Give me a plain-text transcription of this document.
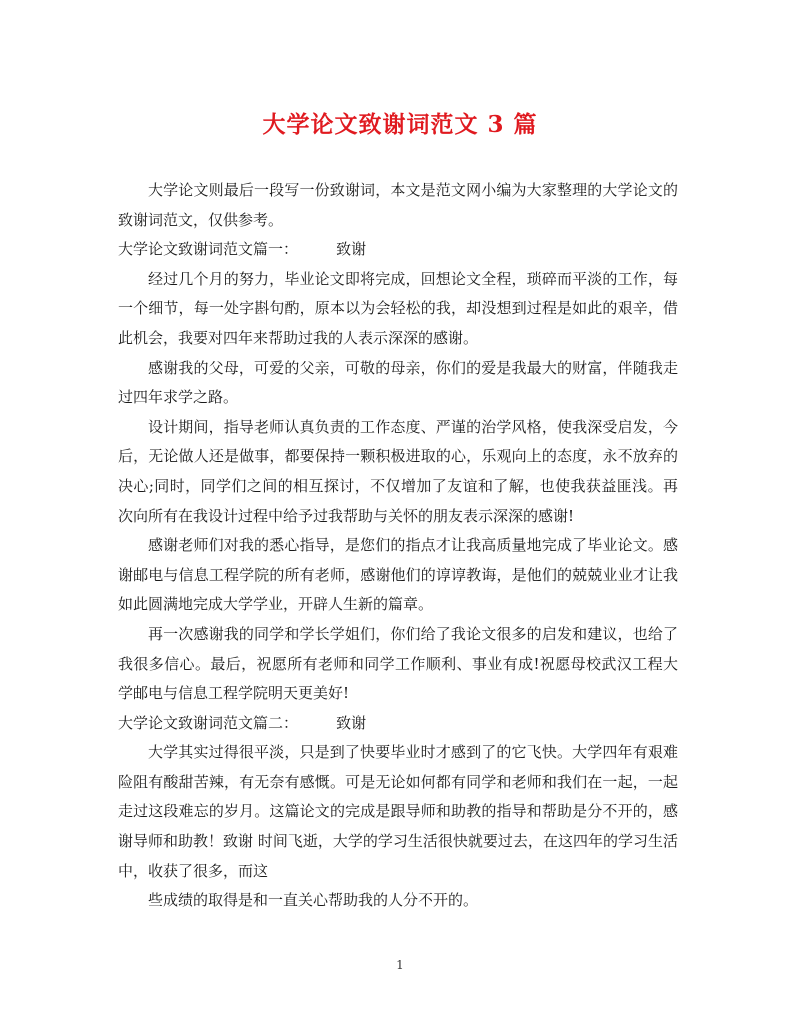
大学论文致谢词范文 3 篇

大学论文则最后一段写一份致谢词，本文是范文网小编为大家整理的大学论文的致谢词范文，仅供参考。

大学论文致谢词范文篇一：        致谢

经过几个月的努力，毕业论文即将完成，回想论文全程，琐碎而平淡的工作，每一个细节，每一处字斟句酌，原本以为会轻松的我，却没想到过程是如此的艰辛，借此机会，我要对四年来帮助过我的人表示深深的感谢。

感谢我的父母，可爱的父亲，可敬的母亲，你们的爱是我最大的财富，伴随我走过四年求学之路。

设计期间，指导老师认真负责的工作态度、严谨的治学风格，使我深受启发，今后，无论做人还是做事，都要保持一颗积极进取的心，乐观向上的态度，永不放弃的决心;同时，同学们之间的相互探讨，不仅增加了友谊和了解，也使我获益匪浅。再次向所有在我设计过程中给予过我帮助与关怀的朋友表示深深的感谢!

感谢老师们对我的悉心指导，是您们的指点才让我高质量地完成了毕业论文。感谢邮电与信息工程学院的所有老师，感谢他们的谆谆教诲，是他们的兢兢业业才让我如此圆满地完成大学学业，开辟人生新的篇章。

再一次感谢我的同学和学长学姐们，你们给了我论文很多的启发和建议，也给了我很多信心。最后，祝愿所有老师和同学工作顺利、事业有成!祝愿母校武汉工程大学邮电与信息工程学院明天更美好!

大学论文致谢词范文篇二：        致谢

大学其实过得很平淡，只是到了快要毕业时才感到了的它飞快。大学四年有艰难险阻有酸甜苦辣，有无奈有感慨。可是无论如何都有同学和老师和我们在一起，一起走过这段难忘的岁月。这篇论文的完成是跟导师和助教的指导和帮助是分不开的，感谢导师和助教！致谢 时间飞逝，大学的学习生活很快就要过去，在这四年的学习生活中，收获了很多，而这

些成绩的取得是和一直关心帮助我的人分不开的。

1
